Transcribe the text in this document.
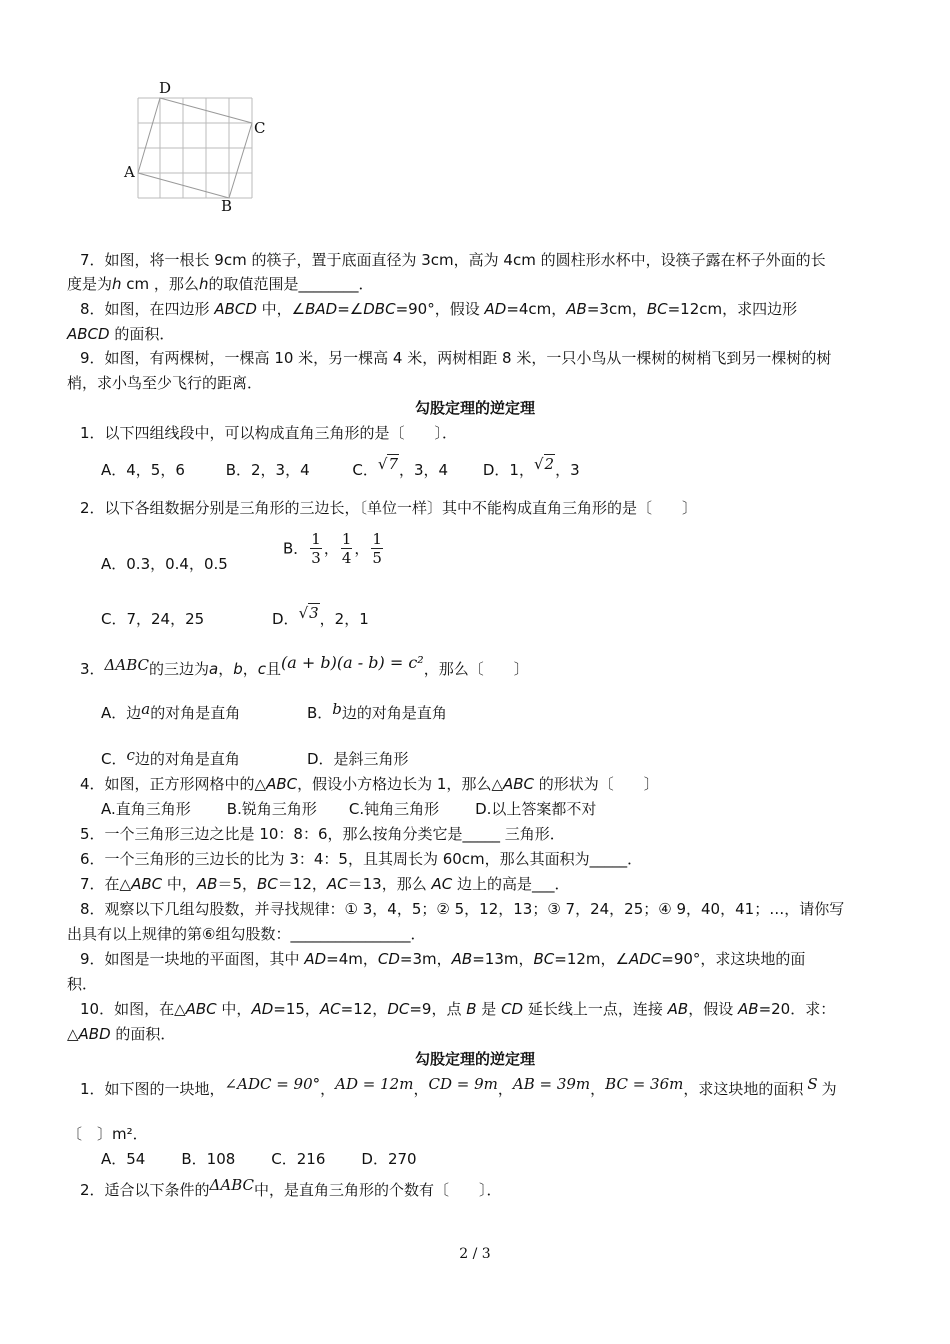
D
C
A
B
7．如图，将一根长 9cm 的筷子，置于底面直径为 3cm，高为 4cm 的圆柱形水杯中，设筷子露在杯子外面的长
度是为h cm ，那么h的取值范围是________．
8．如图，在四边形 ABCD 中，∠BAD=∠DBC=90°，假设 AD=4cm，AB=3cm，BC=12cm，求四边形
ABCD 的面积．
9．如图，有两棵树，一棵高 10 米，另一棵高 4 米，两树相距 8 米，一只小鸟从一棵树的树梢飞到另一棵树的树
梢，求小鸟至少飞行的距离．
勾股定理的逆定理
1．以下四组线段中，可以构成直角三角形的是〔　　〕．
A．4，5，6	B．2，3，4	C．√7，3，4 D．1，√2，3
2．以下各组数据分别是三角形的三边长，〔单位一样〕其中不能构成直角三角形的是〔　　〕
A．0.3，0.4，0.5
B． $\frac{1}{3}$ ， $\frac{1}{4}$ ， $\frac{1}{5}$
C．7，24，25	D．√3，2，1
3．ΔABC的三边为a，b，c且(a + b)(a - b) = c²，那么〔　　〕
A．边a的对角是直角	B．b边的对角是直角
C．c边的对角是直角	D．是斜三角形
4．如图，正方形网格中的△ABC，假设小方格边长为 1，那么△ABC 的形状为〔　　〕
A.直角三角形 B.锐角三角形 C.钝角三角形 D.以上答案都不对
5．一个三角形三边之比是 10：8：6，那么按角分类它是_____ 三角形．
6．一个三角形的三边长的比为 3：4：5，且其周长为 60cm，那么其面积为_____．
7．在△ABC 中，AB＝5，BC＝12，AC＝13，那么 AC 边上的高是___．
8．观察以下几组勾股数，并寻找规律：① 3，4，5；② 5，12，13；③ 7，24，25；④ 9，40，41；…，请你写
出具有以上规律的第⑥组勾股数：________________．
9．如图是一块地的平面图，其中 AD=4m，CD=3m，AB=13m，BC=12m，∠ADC=90°，求这块地的面
积．
10．如图，在△ABC 中，AD=15，AC=12，DC=9，点 B 是 CD 延长线上一点，连接 AB，假设 AB=20．求：
△ABD 的面积．
勾股定理的逆定理
1．如下图的一块地，∠ADC = 90°，AD = 12m，CD = 9m，AB = 39m，BC = 36m，求这块地的面积 S 为
〔　〕m²．
A．54 B．108 C．216 D．270
2．适合以下条件的ΔABC中，是直角三角形的个数有〔　　〕．
2 / 3
